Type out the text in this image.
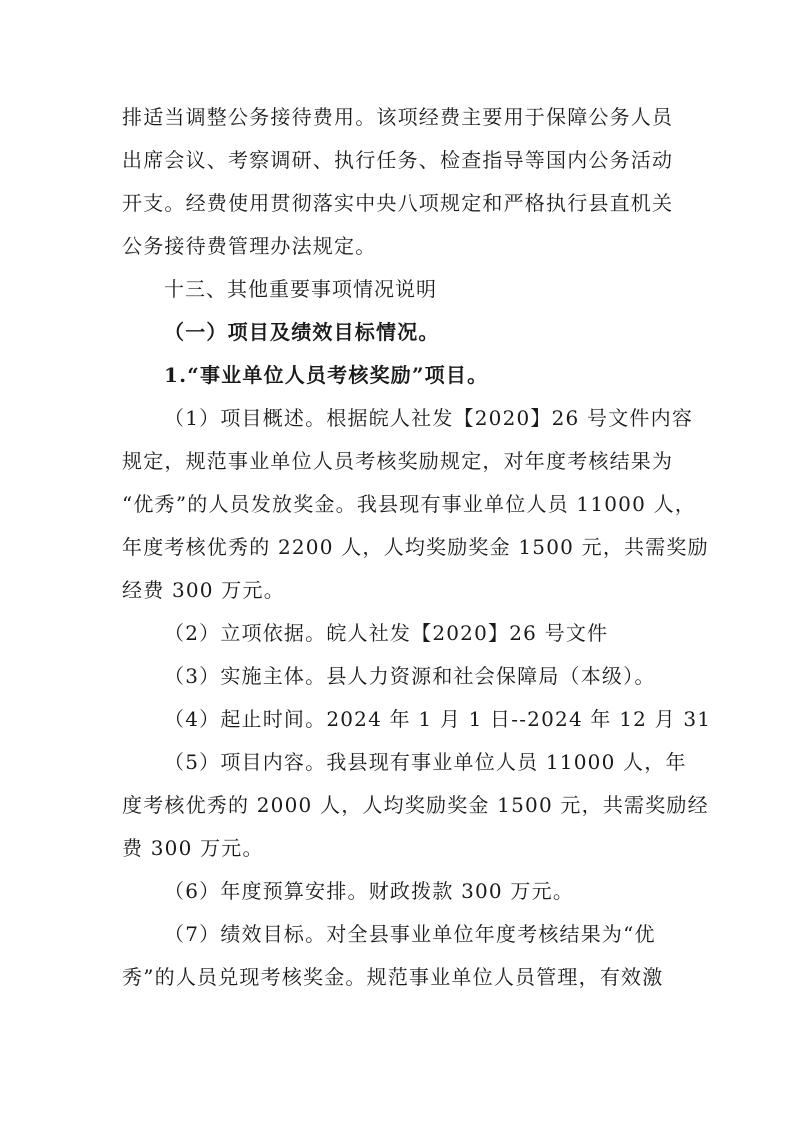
排适当调整公务接待费用。该项经费主要用于保障公务人员
出席会议、考察调研、执行任务、检查指导等国内公务活动
开支。经费使用贯彻落实中央八项规定和严格执行县直机关
公务接待费管理办法规定。
十三、其他重要事项情况说明
（一）项目及绩效目标情况。
1.“事业单位人员考核奖励”项目。
（1）项目概述。根据皖人社发【2020】26 号文件内容
规定，规范事业单位人员考核奖励规定，对年度考核结果为
“优秀”的人员发放奖金。我县现有事业单位人员 11000 人，
年度考核优秀的 2200 人，人均奖励奖金 1500 元，共需奖励
经费 300 万元。
（2）立项依据。皖人社发【2020】26 号文件
（3）实施主体。县人力资源和社会保障局（本级）。
（4）起止时间。2024 年 1 月 1 日--2024 年 12 月 31
（5）项目内容。我县现有事业单位人员 11000 人，年
度考核优秀的 2000 人，人均奖励奖金 1500 元，共需奖励经
费 300 万元。
（6）年度预算安排。财政拨款 300 万元。
（7）绩效目标。对全县事业单位年度考核结果为“优
秀”的人员兑现考核奖金。规范事业单位人员管理，有效激
